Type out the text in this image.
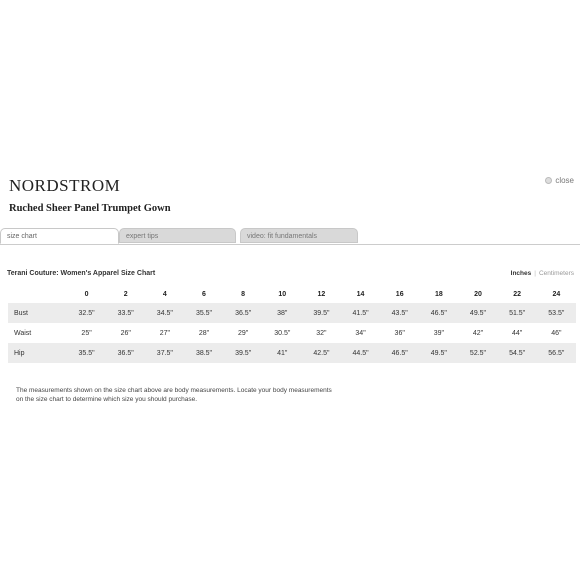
NORDSTROM	close
Ruched Sheer Panel Trumpet Gown
size chart	expert tips	video: fit fundamentals
Terani Couture: Women's Apparel Size Chart	Inches | Centimeters
	0	2	4	6	8	10	12	14	16	18	20	22	24
Bust	32.5"	33.5"	34.5"	35.5"	36.5"	38"	39.5"	41.5"	43.5"	46.5"	49.5"	51.5"	53.5"
Waist	25"	26"	27"	28"	29"	30.5"	32"	34"	36"	39"	42"	44"	46"
Hip	35.5"	36.5"	37.5"	38.5"	39.5"	41"	42.5"	44.5"	46.5"	49.5"	52.5"	54.5"	56.5"
The measurements shown on the size chart above are body measurements. Locate your body measurements on the size chart to determine which size you should purchase.
